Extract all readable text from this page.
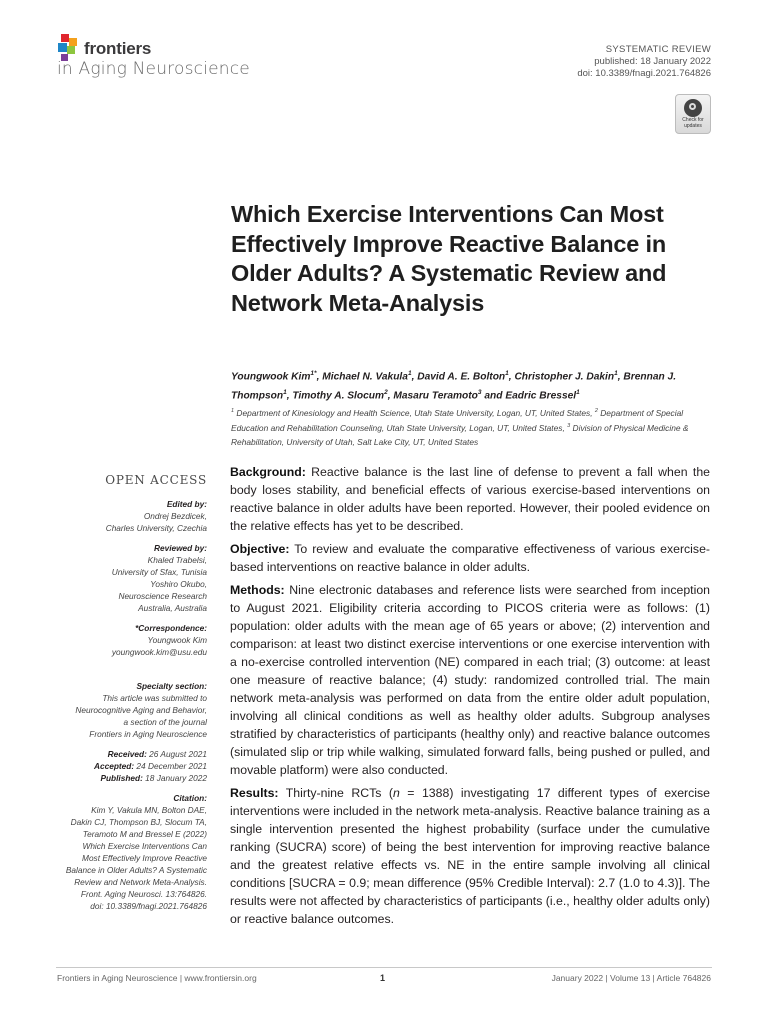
frontiers
in Aging Neuroscience
SYSTEMATIC REVIEW
published: 18 January 2022
doi: 10.3389/fnagi.2021.764826
Check for
updates
Which Exercise Interventions Can Most Effectively Improve Reactive Balance in Older Adults? A Systematic Review and Network Meta-Analysis
Youngwook Kim$^{1*}$, Michael N. Vakula$^1$, David A. E. Bolton$^1$, Christopher J. Dakin$^1$, Brennan J. Thompson$^1$, Timothy A. Slocum$^2$, Masaru Teramoto$^3$ and Eadric Bressel$^1$
$^1$ Department of Kinesiology and Health Science, Utah State University, Logan, UT, United States, $^2$ Department of Special Education and Rehabilitation Counseling, Utah State University, Logan, UT, United States, $^3$ Division of Physical Medicine & Rehabilitation, University of Utah, Salt Lake City, UT, United States
OPEN ACCESS
Edited by:
Ondrej Bezdicek,
Charles University, Czechia
Reviewed by:
Khaled Trabelsi,
University of Sfax, Tunisia
Yoshiro Okubo,
Neuroscience Research
Australia, Australia
*Correspondence:
Youngwook Kim
youngwook.kim@usu.edu
Specialty section:
This article was submitted to
Neurocognitive Aging and Behavior,
a section of the journal
Frontiers in Aging Neuroscience
Received: 26 August 2021
Accepted: 24 December 2021
Published: 18 January 2022
Citation:
Kim Y, Vakula MN, Bolton DAE,
Dakin CJ, Thompson BJ, Slocum TA,
Teramoto M and Bressel E (2022)
Which Exercise Interventions Can
Most Effectively Improve Reactive
Balance in Older Adults? A Systematic
Review and Network Meta-Analysis.
Front. Aging Neurosci. 13:764826.
doi: 10.3389/fnagi.2021.764826

Background: Reactive balance is the last line of defense to prevent a fall when the body loses stability, and beneficial effects of various exercise-based interventions on reactive balance in older adults have been reported. However, their pooled evidence on the relative effects has yet to be described.

Objective: To review and evaluate the comparative effectiveness of various exercise-based interventions on reactive balance in older adults.

Methods: Nine electronic databases and reference lists were searched from inception to August 2021. Eligibility criteria according to PICOS criteria were as follows: (1) population: older adults with the mean age of 65 years or above; (2) intervention and comparison: at least two distinct exercise interventions or one exercise intervention with a no-exercise controlled intervention (NE) compared in each trial; (3) outcome: at least one measure of reactive balance; (4) study: randomized controlled trial. The main network meta-analysis was performed on data from the entire older adult population, involving all clinical conditions as well as healthy older adults. Subgroup analyses stratified by characteristics of participants (healthy only) and reactive balance outcomes (simulated slip or trip while walking, simulated forward falls, being pushed or pulled, and movable platform) were also conducted.

Results: Thirty-nine RCTs (n = 1388) investigating 17 different types of exercise interventions were included in the network meta-analysis. Reactive balance training as a single intervention presented the highest probability (surface under the cumulative ranking (SUCRA) score) of being the best intervention for improving reactive balance and the greatest relative effects vs. NE in the entire sample involving all clinical conditions [SUCRA = 0.9; mean difference (95% Credible Interval): 2.7 (1.0 to 4.3)]. The results were not affected by characteristics of participants (i.e., healthy older adults only) or reactive balance outcomes.

Frontiers in Aging Neuroscience | www.frontiersin.org	1	January 2022 | Volume 13 | Article 764826
